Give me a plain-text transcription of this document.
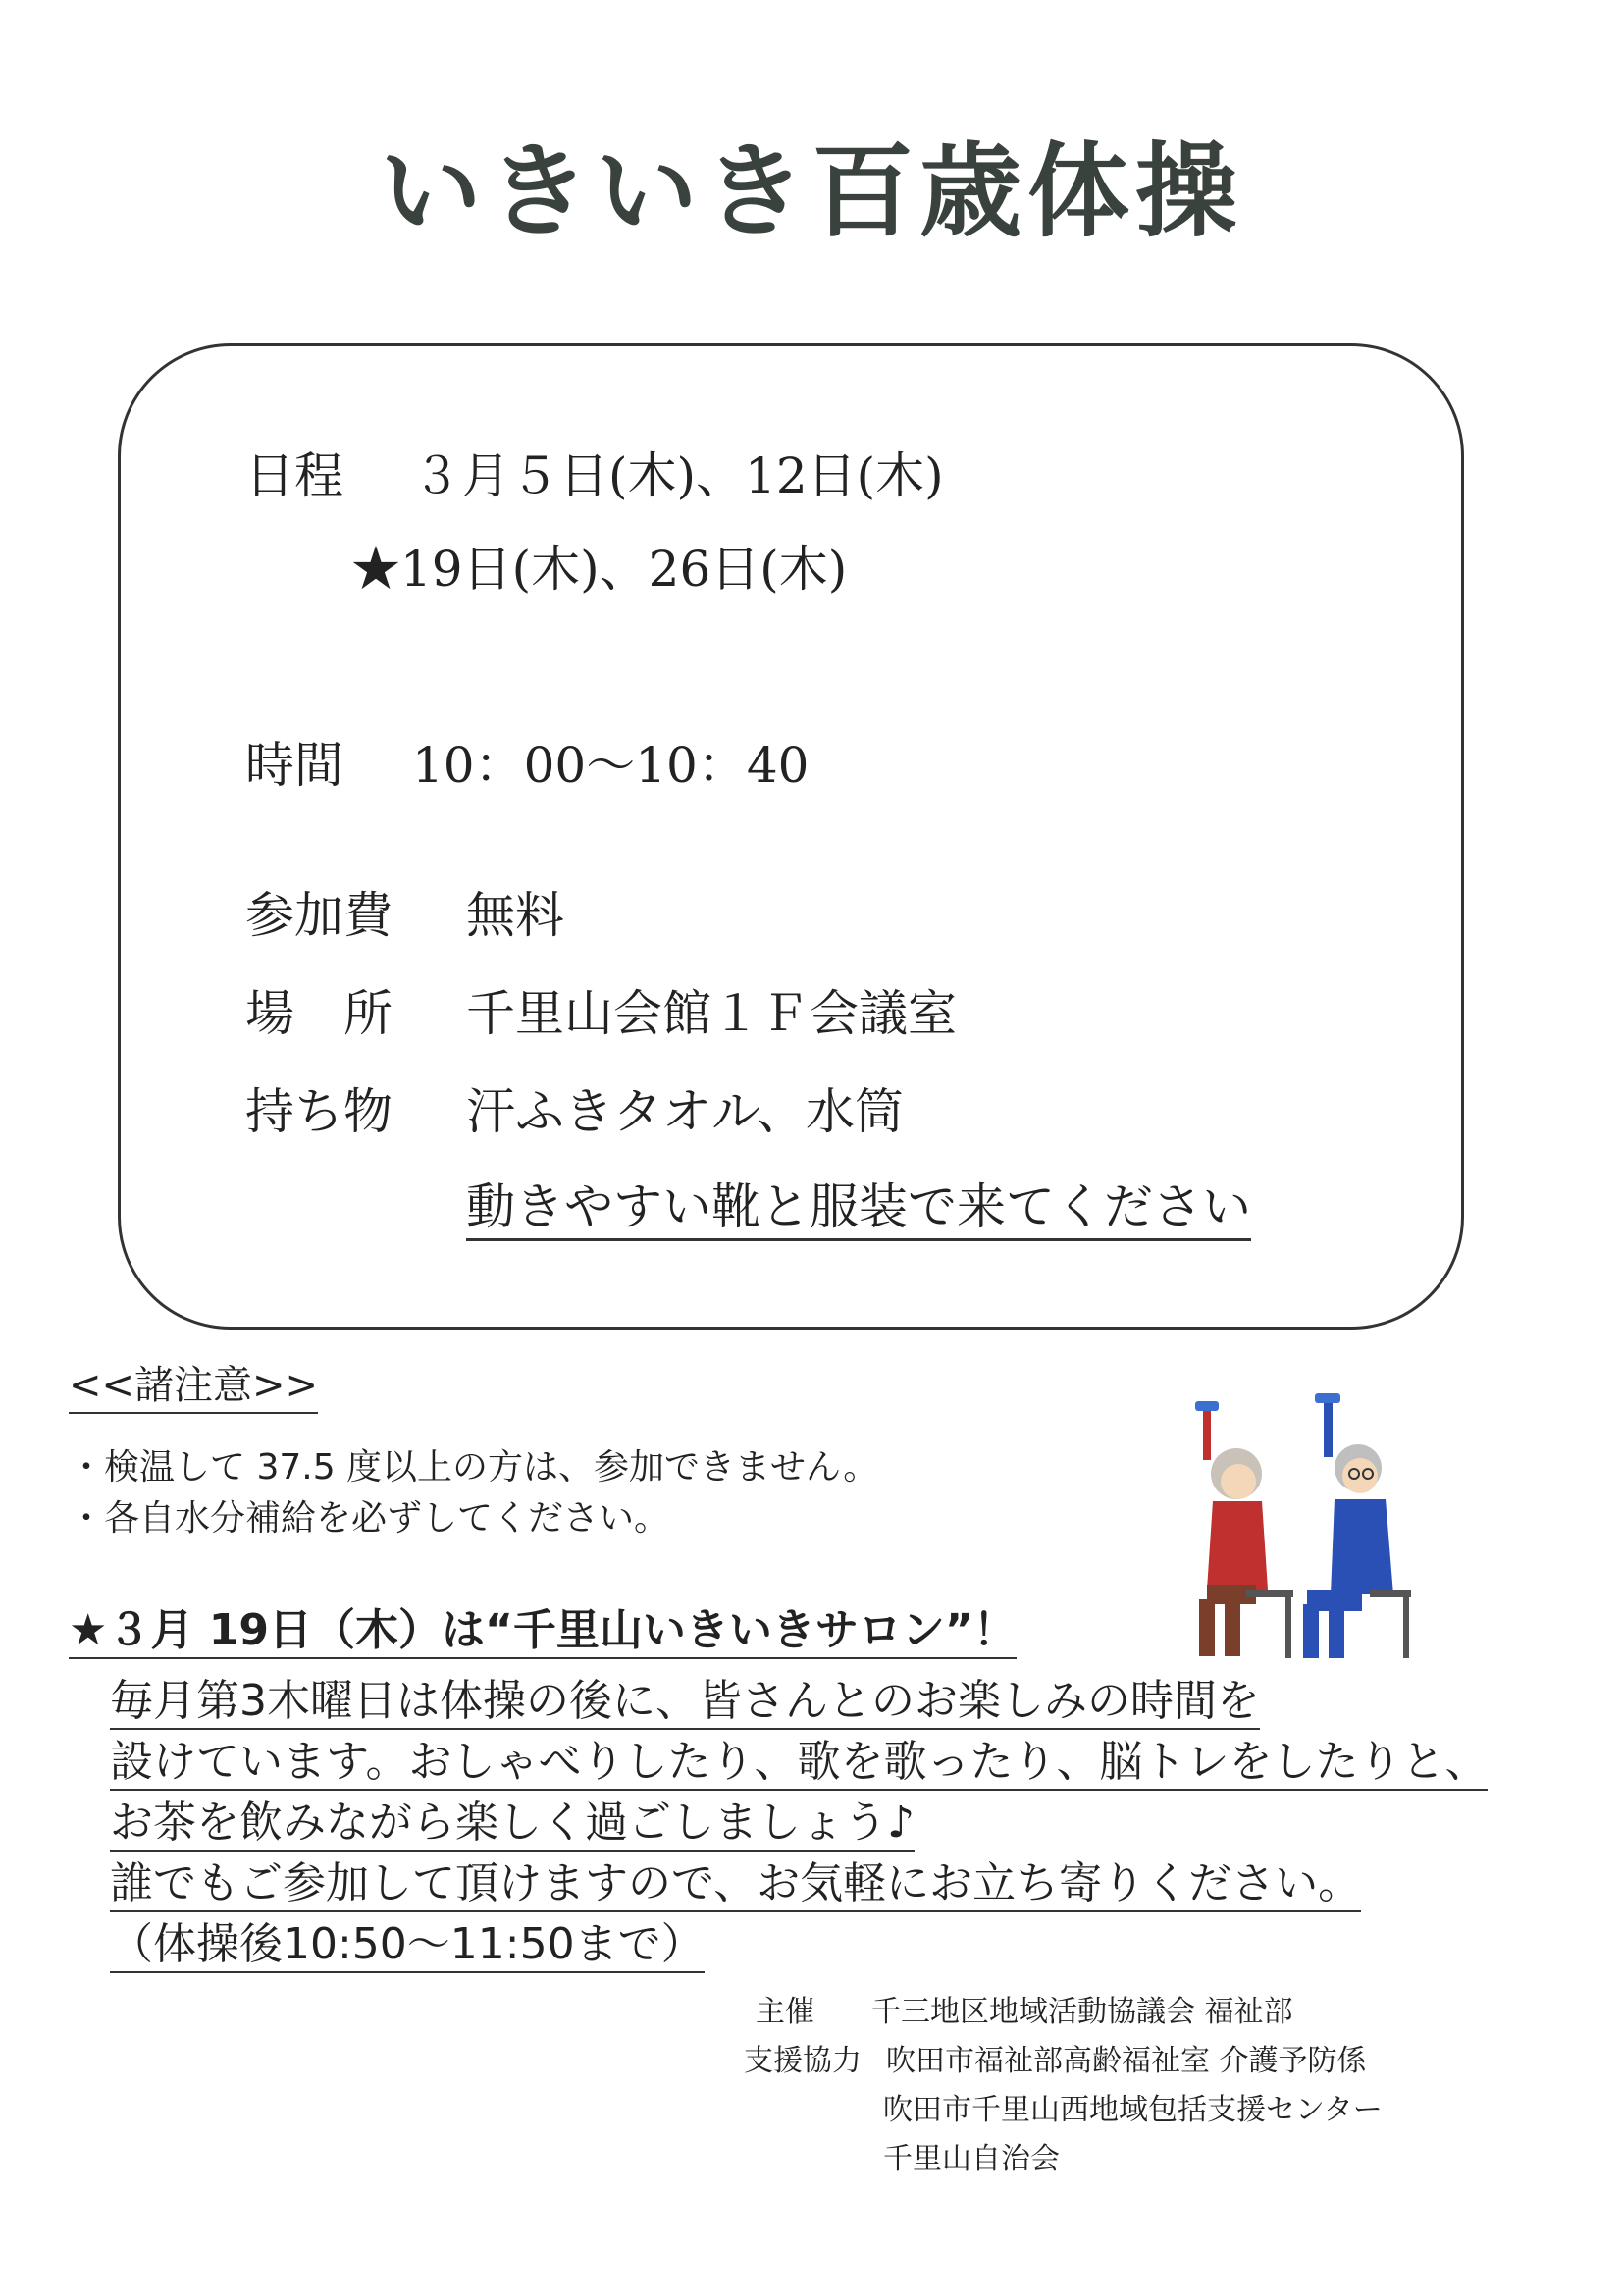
いきいき百歳体操
日程 ３月５日(木)、12日(木)
★19日(木)、26日(木)
時間 10：00～10：40
参加費 無料
場　所 千里山会館１Ｆ会議室
持ち物 汗ふきタオル、水筒
動きやすい靴と服装で来てください
<<諸注意>>
・検温して 37.5 度以上の方は、参加できません。
・各自水分補給を必ずしてください。
★３月 19日（木）は“千里山いきいきサロン”！
毎月第3木曜日は体操の後に、皆さんとのお楽しみの時間を
設けています。おしゃべりしたり、歌を歌ったり、脳トレをしたりと、
お茶を飲みながら楽しく過ごしましょう♪
誰でもご参加して頂けますので、お気軽にお立ち寄りください。
（体操後10:50～11:50まで）
主催 千三地区地域活動協議会 福祉部
支援協力 吹田市福祉部高齢福祉室 介護予防係
吹田市千里山西地域包括支援センター
千里山自治会
